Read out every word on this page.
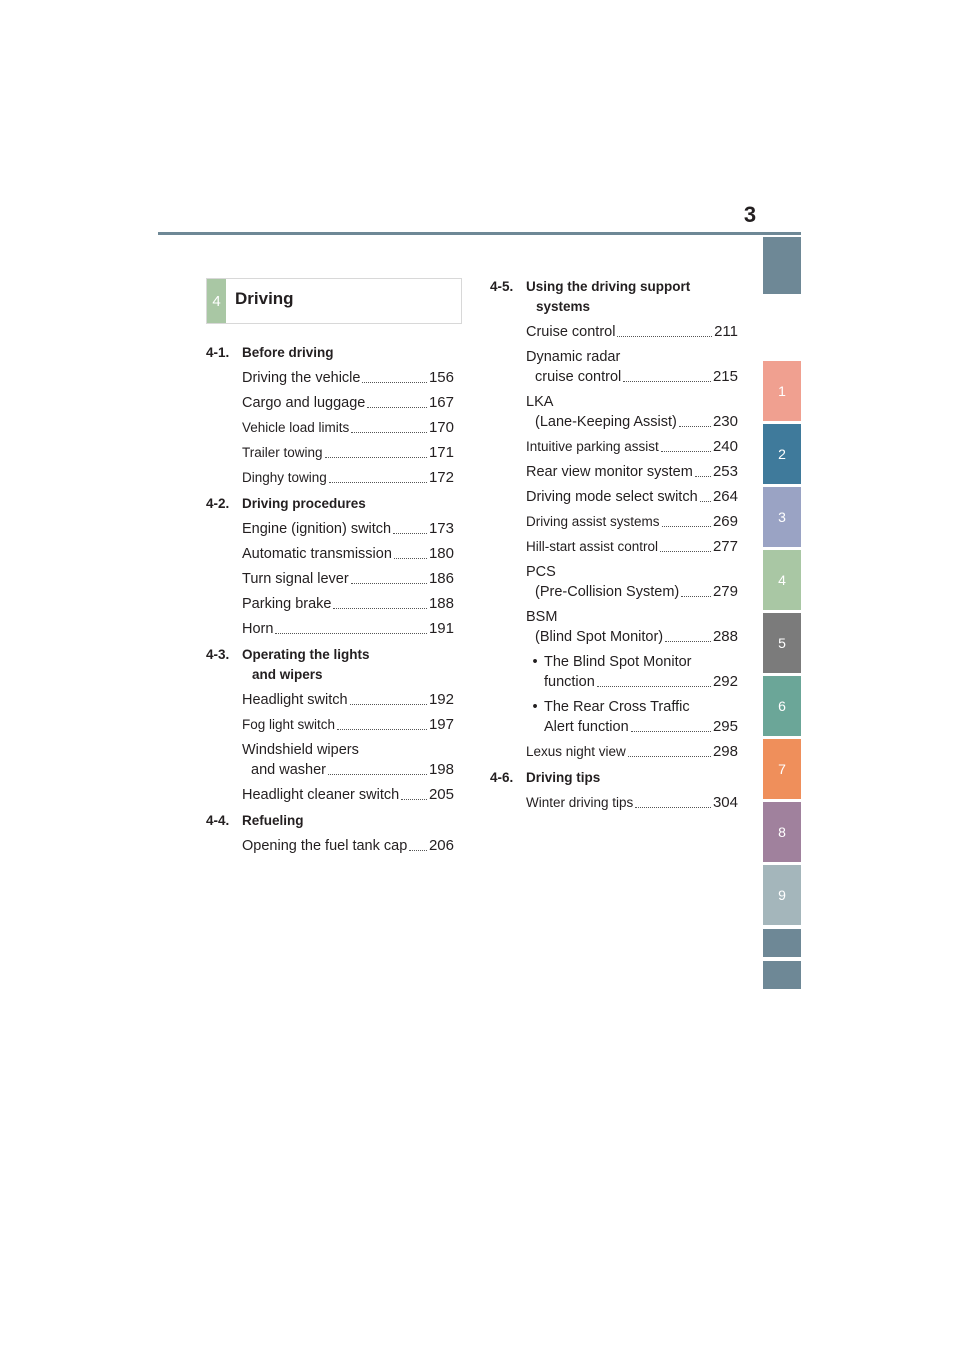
3
1
2
3
4
5
6
7
8
9
4 Driving
4-1. Before driving
Driving the vehicle	156
Cargo and luggage	167
Vehicle load limits	170
Trailer towing	171
Dinghy towing	172
4-2. Driving procedures
Engine (ignition) switch	173
Automatic transmission 180
Turn signal lever	186
Parking brake	188
Horn	191
4-3. Operating the lights
and wipers
Headlight switch	192
Fog light switch	197
Windshield wipers
and washer	198
Headlight cleaner switch 205
4-4. Refueling
Opening the fuel tank cap 206
4-5. Using the driving support
systems
Cruise control	211
Dynamic radar
cruise control	215
LKA
(Lane-Keeping Assist) 230
Intuitive parking assist	240
Rear view monitor system 253
Driving mode select switch 264
Driving assist systems	269
Hill-start assist control	277
PCS
(Pre-Collision System) 279
BSM
(Blind Spot Monitor)	288
• The Blind Spot Monitor
function	292
• The Rear Cross Traffic
Alert function	295
Lexus night view	298
4-6. Driving tips
Winter driving tips	304
